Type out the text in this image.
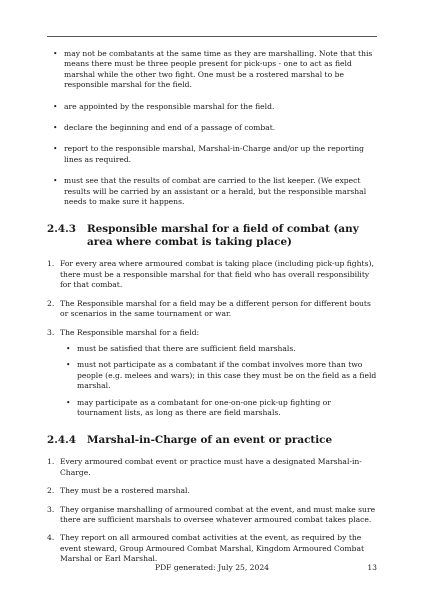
• may not be combatants at the same time as they are marshalling. Note that this means there must be three people present for pick-ups - one to act as field marshal while the other two fight. One must be a rostered marshal to be responsible marshal for the field.
• are appointed by the responsible marshal for the field.
• declare the beginning and end of a passage of combat.
• report to the responsible marshal, Marshal-in-Charge and/or up the reporting lines as required.
• must see that the results of combat are carried to the list keeper. (We expect results will be carried by an assistant or a herald, but the responsible marshal needs to make sure it happens.
2.4.3	Responsible marshal for a field of combat (any area where combat is taking place)
1. For every area where armoured combat is taking place (including pick-up fights), there must be a responsible marshal for that field who has overall responsibility for that combat.
2. The Responsible marshal for a field may be a different person for different bouts or scenarios in the same tournament or war.
3. The Responsible marshal for a field:
• must be satisfied that there are sufficient field marshals.
• must not participate as a combatant if the combat involves more than two people (e.g. melees and wars); in this case they must be on the field as a field marshal.
• may participate as a combatant for one-on-one pick-up fighting or tournament lists, as long as there are field marshals.
2.4.4	Marshal-in-Charge of an event or practice
1. Every armoured combat event or practice must have a designated Marshal-in-Charge.
2. They must be a rostered marshal.
3. They organise marshalling of armoured combat at the event, and must make sure there are sufficient marshals to oversee whatever armoured combat takes place.
4. They report on all armoured combat activities at the event, as required by the event steward, Group Armoured Combat Marshal, Kingdom Armoured Combat Marshal or Earl Marshal.
PDF generated: July 25, 2024	13
